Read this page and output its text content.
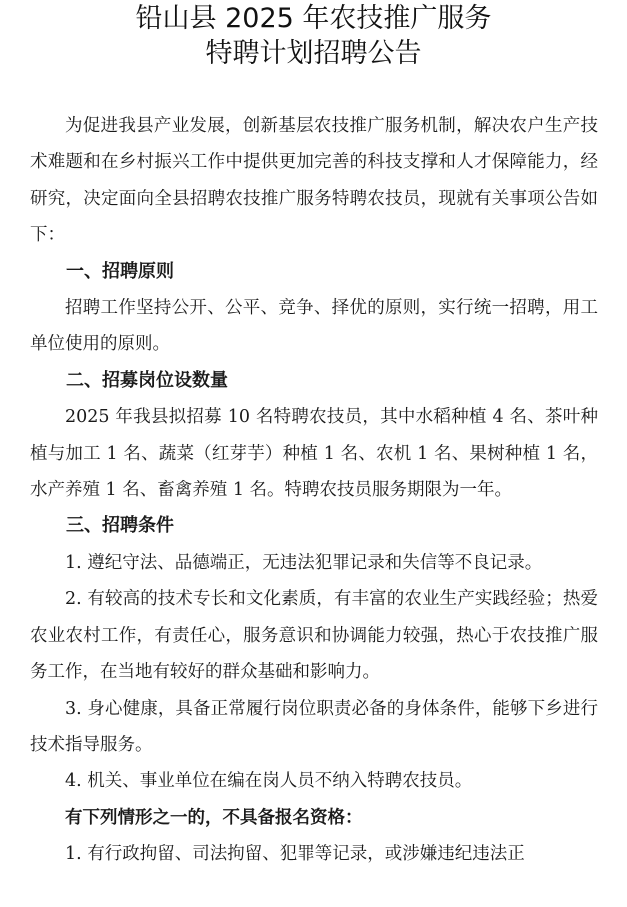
铅山县 2025 年农技推广服务
特聘计划招聘公告

为促进我县产业发展，创新基层农技推广服务机制，解决农户生产技术难题和在乡村振兴工作中提供更加完善的科技支撑和人才保障能力，经研究，决定面向全县招聘农技推广服务特聘农技员，现就有关事项公告如下：

一、招聘原则

招聘工作坚持公开、公平、竞争、择优的原则，实行统一招聘，用工单位使用的原则。

二、招募岗位设数量

2025 年我县拟招募 10 名特聘农技员，其中水稻种植 4 名、茶叶种植与加工 1 名、蔬菜（红芽芋）种植 1 名、农机 1 名、果树种植 1 名，水产养殖 1 名、畜禽养殖 1 名。特聘农技员服务期限为一年。

三、招聘条件

1. 遵纪守法、品德端正，无违法犯罪记录和失信等不良记录。

2. 有较高的技术专长和文化素质，有丰富的农业生产实践经验；热爱农业农村工作，有责任心，服务意识和协调能力较强，热心于农技推广服务工作，在当地有较好的群众基础和影响力。

3. 身心健康，具备正常履行岗位职责必备的身体条件，能够下乡进行技术指导服务。

4. 机关、事业单位在编在岗人员不纳入特聘农技员。

有下列情形之一的，不具备报名资格：

1. 有行政拘留、司法拘留、犯罪等记录，或涉嫌违纪违法正
